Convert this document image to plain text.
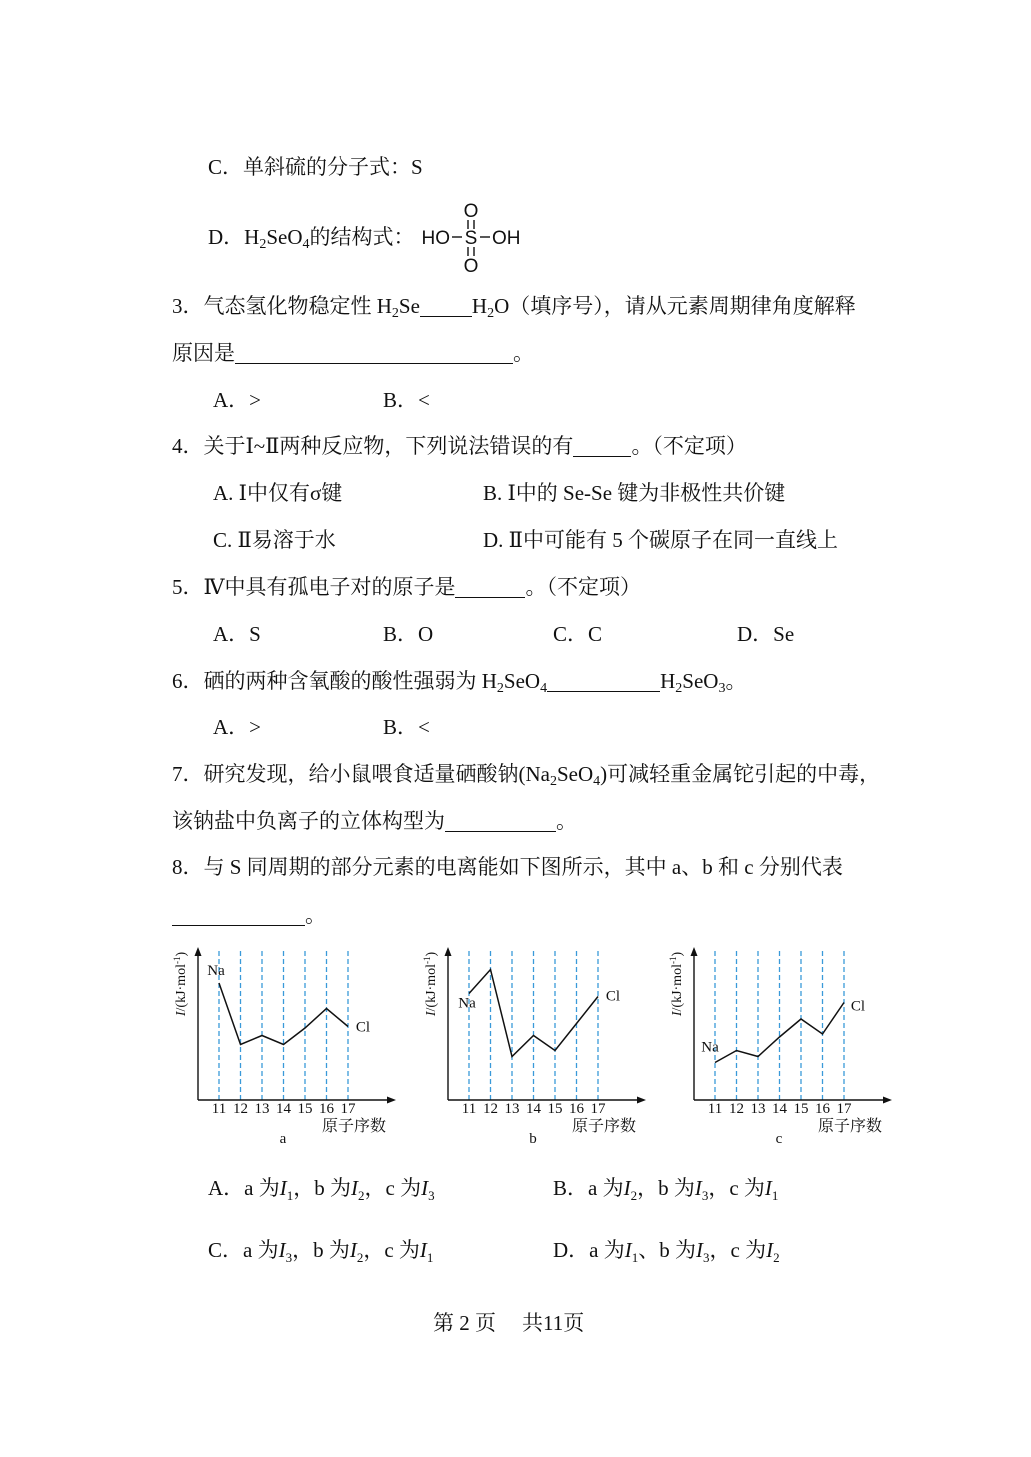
C．单斜硫的分子式：S
D．$H_2SeO_4$的结构式：
O
HO S OH
O
3．气态氢化物稳定性 $H_2Se$ $H_2O$（填序号），请从元素周期律角度解释
原因是	。
A．>	B．<
4．关于Ⅰ~Ⅱ两种反应物，下列说法错误的有	。（不定项）
A. Ⅰ中仅有σ键	B. Ⅰ中的 Se-Se 键为非极性共价键
C. Ⅱ易溶于水	D. Ⅱ中可能有 5 个碳原子在同一直线上
5．Ⅳ中具有孤电子对的原子是	。（不定项）
A．S	B．O	C．C	D．Se
6．硒的两种含氧酸的酸性强弱为 $H_2SeO_4$	$H_2SeO_3$。
A．>	B．<
7．研究发现，给小鼠喂食适量硒酸钠$(Na_2SeO_4)$可减轻重金属铊引起的中毒，
该钠盐中负离子的立体构型为	。
8．与 S 同周期的部分元素的电离能如下图所示，其中 a、b 和 c 分别代表
。
11 12 13 14 15 16 17
Na
Cl
原子序数
a
I/(kJ·mol$^{-1}$)
11 12 13 14 15 16 17
Na	Cl
原子序数
b
I/(kJ·mol$^{-1}$)
11 12 13 14 15 16 17
Na
Cl
原子序数
c
I/(kJ·mol$^{-1}$)
A．a 为$I_1$，b 为$I_2$，c 为$I_3$	B．a 为$I_2$，b 为$I_3$，c 为$I_1$
C．a 为$I_3$，b 为$I_2$，c 为$I_1$	D．a 为$I_1$、b 为$I_3$，c 为$I_2$
第 2 页 共11页
